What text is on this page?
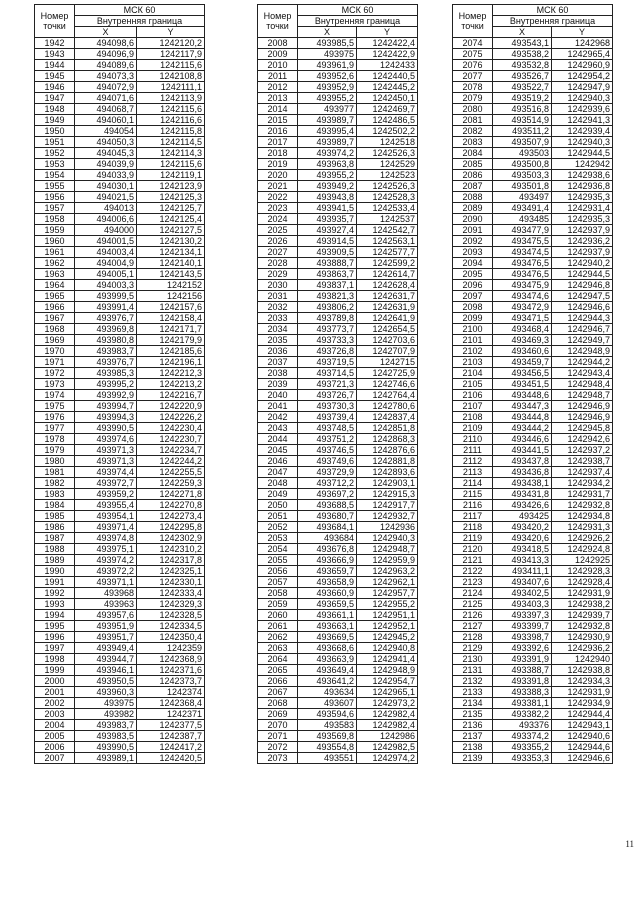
Номер
точки	МСК 60	
	Внутренняя граница	
	X	Y
1942	494098,6	1242120,2
1943	494096,9	1242117,9
1944	494089,6	1242115,6
1945	494073,3	1242108,8
1946	494072,9	1242111,1
1947	494071,6	1242113,9
1948	494068,7	1242115,6
1949	494060,1	1242116,6
1950	494054	1242115,8
1951	494050,3	1242114,5
1952	494045,3	1242114,3
1953	494039,9	1242115,6
1954	494033,9	1242119,1
1955	494030,1	1242123,9
1956	494021,5	1242125,3
1957	494013	1242125,7
1958	494006,6	1242125,4
1959	494000	1242127,5
1960	494001,5	1242130,2
1961	494003,4	1242134,1
1962	494004,9	1242140,1
1963	494005,1	1242143,5
1964	494003,3	1242152
1965	493999,5	1242156
1966	493991,4	1242157,6
1967	493976,7	1242158,4
1968	493969,8	1242171,7
1969	493980,8	1242179,9
1970	493983,7	1242185,6
1971	493976,7	1242196,1
1972	493985,3	1242212,3
1973	493995,2	1242213,2
1974	493992,9	1242216,7
1975	493994,7	1242220,9
1976	493994,3	1242226,2
1977	493990,5	1242230,4
1978	493974,6	1242230,7
1979	493971,3	1242234,7
1980	493971,3	1242244,2
1981	493974,4	1242255,5
1982	493972,7	1242259,3
1983	493959,2	1242271,8
1984	493955,4	1242270,8
1985	493954,1	1242273,4
1986	493971,4	1242295,8
1987	493974,8	1242302,9
1988	493975,1	1242310,2
1989	493974,2	1242317,8
1990	493972,2	1242325,1
1991	493971,1	1242330,1
1992	493968	1242333,4
1993	493963	1242329,3
1994	493957,6	1242328,5
1995	493951,9	1242334,5
1996	493951,7	1242350,4
1997	493949,4	1242359
1998	493944,7	1242368,9
1999	493946,1	1242371,6
2000	493950,5	1242373,7
2001	493960,3	1242374
2002	493975	1242368,4
2003	493982	1242371
2004	493983,7	1242377,5
2005	493983,5	1242387,7
2006	493990,5	1242417,2
2007	493989,1	1242420,5
Номер
точки	МСК 60	
	Внутренняя граница	
	X	Y
2008	493985,5	1242422,4
2009	493975	1242422,9
2010	493961,9	1242433
2011	493952,6	1242440,5
2012	493952,9	1242445,2
2013	493955,2	1242450,1
2014	493977	1242469,7
2015	493989,7	1242486,5
2016	493995,4	1242502,2
2017	493989,7	1242518
2018	493974,2	1242526,3
2019	493963,8	1242529
2020	493955,2	1242523
2021	493949,2	1242526,3
2022	493943,8	1242528,3
2023	493941,5	1242533,4
2024	493935,7	1242537
2025	493927,4	1242542,7
2026	493914,5	1242563,1
2027	493909,5	1242577,7
2028	493888,7	1242599,2
2029	493863,7	1242614,7
2030	493837,1	1242628,4
2031	493821,3	1242631,7
2032	493806,2	1242631,9
2033	493789,8	1242641,9
2034	493773,7	1242654,5
2035	493733,3	1242703,6
2036	493726,8	1242707,9
2037	493719,5	1242715
2038	493714,5	1242725,9
2039	493721,3	1242746,6
2040	493726,7	1242764,4
2041	493730,3	1242780,6
2042	493739,4	1242837,4
2043	493748,5	1242851,8
2044	493751,2	1242868,3
2045	493746,5	1242876,6
2046	493749,6	1242881,8
2047	493729,9	1242893,6
2048	493712,2	1242903,1
2049	493697,2	1242915,3
2050	493688,5	1242917,7
2051	493680,7	1242932,7
2052	493684,1	1242936
2053	493684	1242940,3
2054	493676,8	1242948,7
2055	493666,9	1242959,9
2056	493659,7	1242963,2
2057	493658,9	1242962,1
2058	493660,9	1242957,7
2059	493659,5	1242955,2
2060	493661,1	1242951,1
2061	493663,1	1242952,1
2062	493669,5	1242945,2
2063	493668,6	1242940,8
2064	493663,9	1242941,4
2065	493649,4	1242948,9
2066	493641,2	1242954,7
2067	493634	1242965,1
2068	493607	1242973,2
2069	493594,6	1242982,4
2070	493583	1242982,4
2071	493569,8	1242986
2072	493554,8	1242982,5
2073	493551	1242974,2
Номер
точки	МСК 60	
	Внутренняя граница	
	X	Y
2074	493543,1	1242968
2075	493538,2	1242965,4
2076	493532,8	1242960,9
2077	493526,7	1242954,2
2078	493522,7	1242947,9
2079	493519,2	1242940,3
2080	493516,8	1242939,6
2081	493514,9	1242941,3
2082	493511,2	1242939,4
2083	493507,9	1242940,3
2084	493503	1242944,5
2085	493500,8	1242942
2086	493503,3	1242938,6
2087	493501,8	1242936,8
2088	493497	1242935,3
2089	493491,4	1242931,4
2090	493485	1242935,3
2091	493477,9	1242937,9
2092	493475,5	1242936,2
2093	493474,5	1242937,9
2094	493476,5	1242940,2
2095	493476,5	1242944,5
2096	493475,9	1242946,8
2097	493474,6	1242947,5
2098	493472,9	1242946,6
2099	493471,5	1242944,3
2100	493468,4	1242946,7
2101	493469,3	1242949,7
2102	493460,6	1242948,9
2103	493459,7	1242944,2
2104	493456,5	1242943,4
2105	493451,5	1242948,4
2106	493448,6	1242948,7
2107	493447,3	1242946,9
2108	493444,8	1242946,9
2109	493444,2	1242945,8
2110	493446,6	1242942,6
2111	493441,5	1242937,2
2112	493437,8	1242938,7
2113	493436,8	1242937,4
2114	493438,1	1242934,2
2115	493431,8	1242931,7
2116	493426,6	1242932,8
2117	493425	1242934,8
2118	493420,2	1242931,3
2119	493420,6	1242926,2
2120	493418,5	1242924,8
2121	493413,3	1242925
2122	493411,1	1242928,3
2123	493407,6	1242928,4
2124	493402,5	1242931,9
2125	493403,3	1242938,2
2126	493397,3	1242939,7
2127	493399,7	1242932,8
2128	493398,7	1242930,9
2129	493392,6	1242936,2
2130	493391,9	1242940
2131	493388,7	1242938,8
2132	493391,8	1242934,3
2133	493388,3	1242931,9
2134	493381,1	1242934,9
2135	493382,2	1242944,4
2136	493376	1242943,1
2137	493374,2	1242940,6
2138	493355,2	1242944,6
2139	493353,3	1242946,6
11
